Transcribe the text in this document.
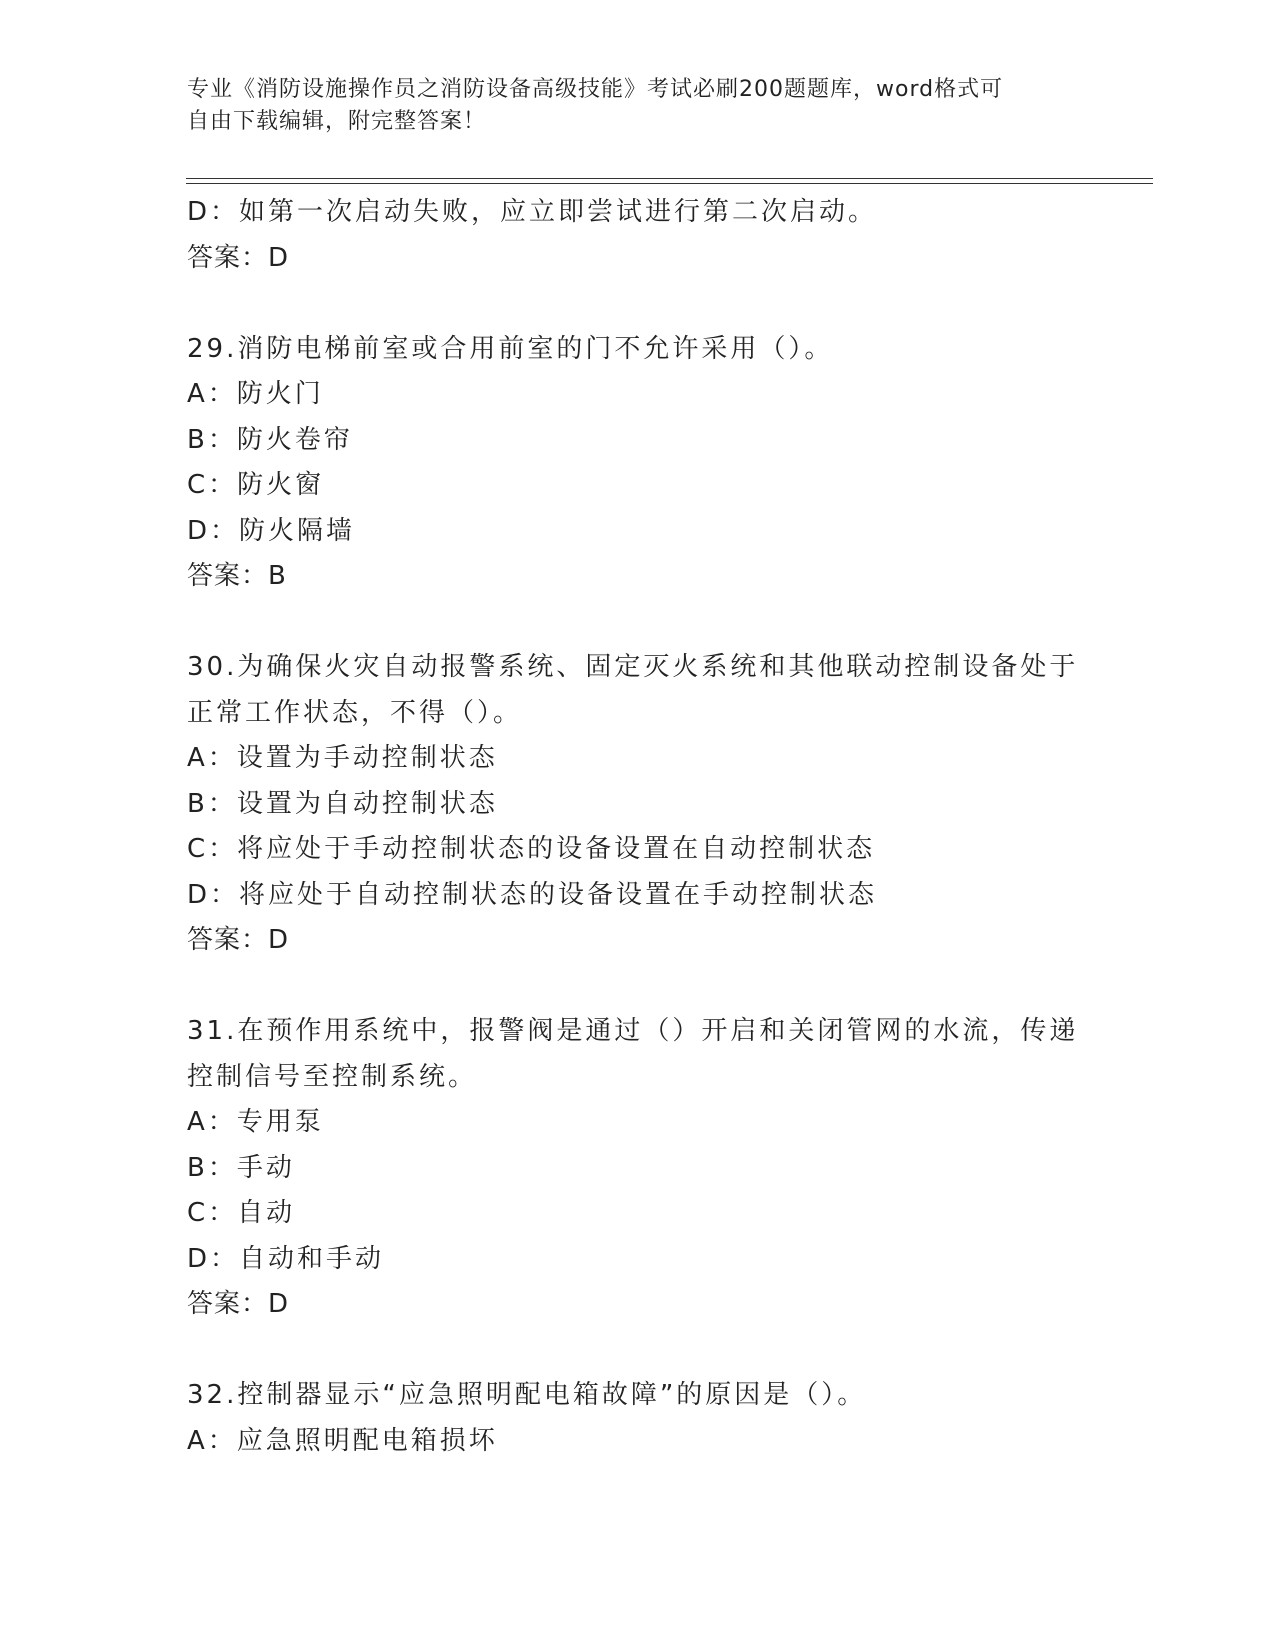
专业《消防设施操作员之消防设备高级技能》考试必刷200题题库，word格式可
自由下载编辑，附完整答案！
D：如第一次启动失败，应立即尝试进行第二次启动。
答案：D
29.消防电梯前室或合用前室的门不允许采用（）。
A：防火门
B：防火卷帘
C：防火窗
D：防火隔墙
答案：B
30.为确保火灾自动报警系统、固定灭火系统和其他联动控制设备处于
正常工作状态，不得（）。
A：设置为手动控制状态
B：设置为自动控制状态
C：将应处于手动控制状态的设备设置在自动控制状态
D：将应处于自动控制状态的设备设置在手动控制状态
答案：D
31.在预作用系统中，报警阀是通过（）开启和关闭管网的水流，传递
控制信号至控制系统。
A：专用泵
B：手动
C：自动
D：自动和手动
答案：D
32.控制器显示“应急照明配电箱故障”的原因是（）。
A：应急照明配电箱损坏
